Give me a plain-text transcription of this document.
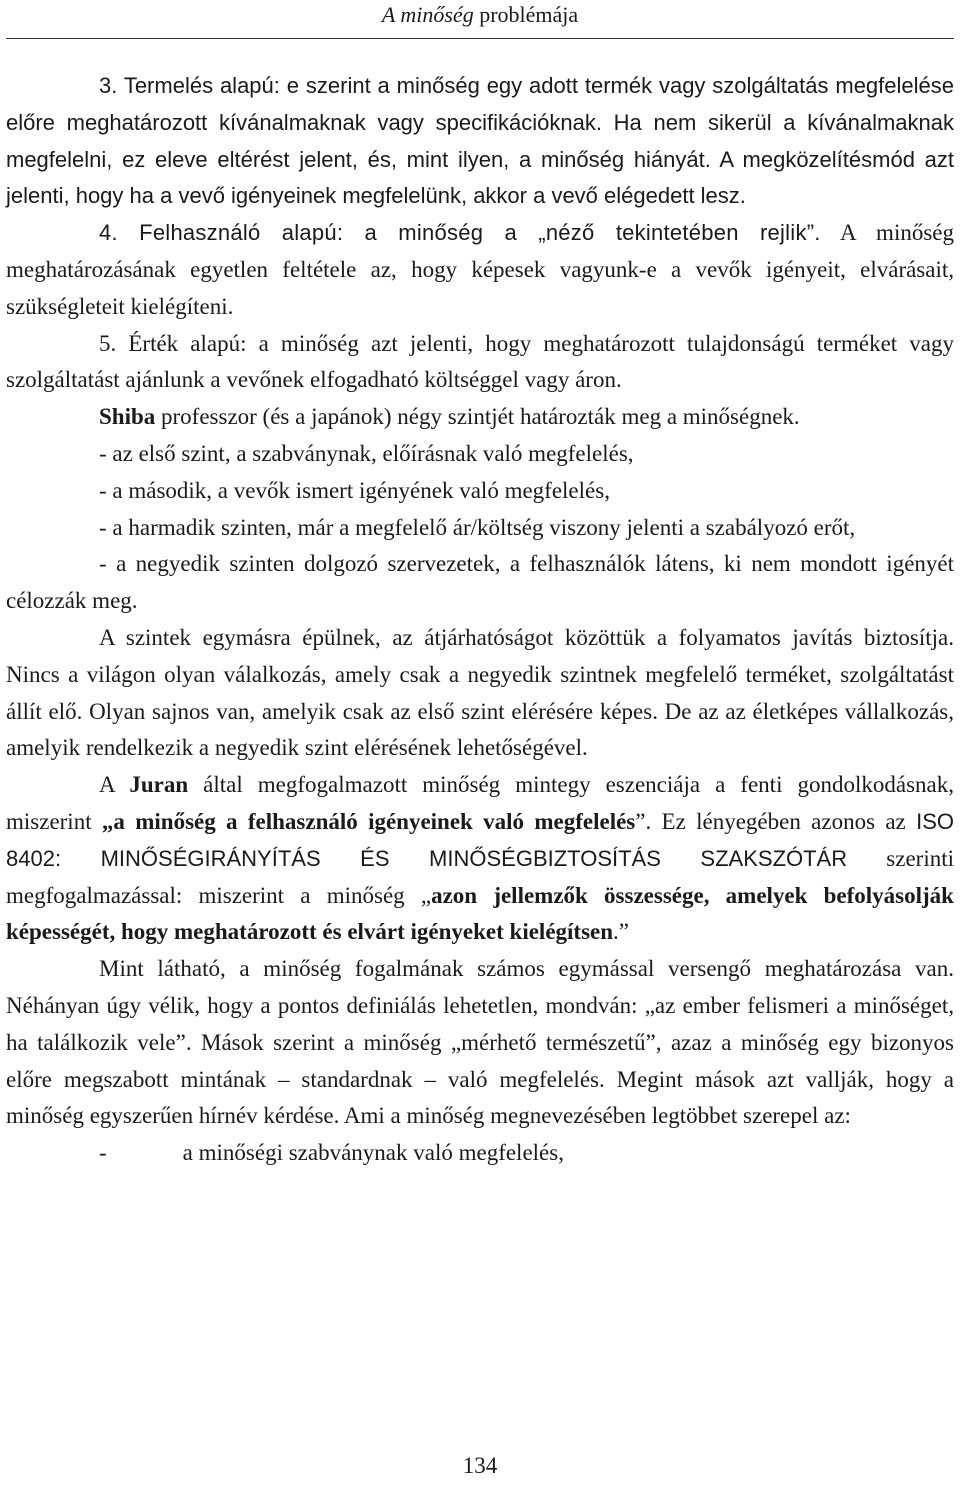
A minőség problémája

3. Termelés alapú: e szerint a minőség egy adott termék vagy szolgáltatás megfelelése előre meghatározott kívánalmaknak vagy specifikációknak. Ha nem sikerül a kívánalmaknak megfelelni, ez eleve eltérést jelent, és, mint ilyen, a minőség hiányát. A megközelítésmód azt jelenti, hogy ha a vevő igényeinek megfelelünk, akkor a vevő elégedett lesz.

4. Felhasználó alapú: a minőség a „néző tekintetében rejlik”. A minőség meghatározásának egyetlen feltétele az, hogy képesek vagyunk-e a vevők igényeit, elvárásait, szükségleteit kielégíteni.

5. Érték alapú: a minőség azt jelenti, hogy meghatározott tulajdonságú terméket vagy szolgáltatást ajánlunk a vevőnek elfogadható költséggel vagy áron.

Shiba professzor (és a japánok) négy szintjét határozták meg a minőségnek.

- az első szint, a szabványnak, előírásnak való megfelelés,

- a második, a vevők ismert igényének való megfelelés,

- a harmadik szinten, már a megfelelő ár/költség viszony jelenti a szabályozó erőt,

- a negyedik szinten dolgozó szervezetek, a felhasználók látens, ki nem mondott igényét célozzák meg.

A szintek egymásra épülnek, az átjárhatóságot közöttük a folyamatos javítás biztosítja. Nincs a világon olyan válalkozás, amely csak a negyedik szintnek megfelelő terméket, szolgáltatást állít elő. Olyan sajnos van, amelyik csak az első szint elérésére képes. De az az életképes vállalkozás, amelyik rendelkezik a negyedik szint elérésének lehetőségével.

A Juran által megfogalmazott minőség mintegy eszenciája a fenti gondolkodásnak, miszerint „a minőség a felhasználó igényeinek való megfelelés”. Ez lényegében azonos az ISO 8402: MINŐSÉGIRÁNYÍTÁS ÉS MINŐSÉGBIZTOSÍTÁS SZAKSZÓTÁR szerinti megfogalmazással: miszerint a minőség „azon jellemzők összessége, amelyek befolyásolják képességét, hogy meghatározott és elvárt igényeket kielégítsen.”

Mint látható, a minőség fogalmának számos egymással versengő meghatározása van. Néhányan úgy vélik, hogy a pontos definiálás lehetetlen, mondván: „az ember felismeri a minőséget, ha találkozik vele”. Mások szerint a minőség „mérhető természetű”, azaz a minőség egy bizonyos előre megszabott mintának – standardnak – való megfelelés. Megint mások azt vallják, hogy a minőség egyszerűen hírnév kérdése. Ami a minőség megnevezésében legtöbbet szerepel az:

-	a minőségi szabványnak való megfelelés,

134
